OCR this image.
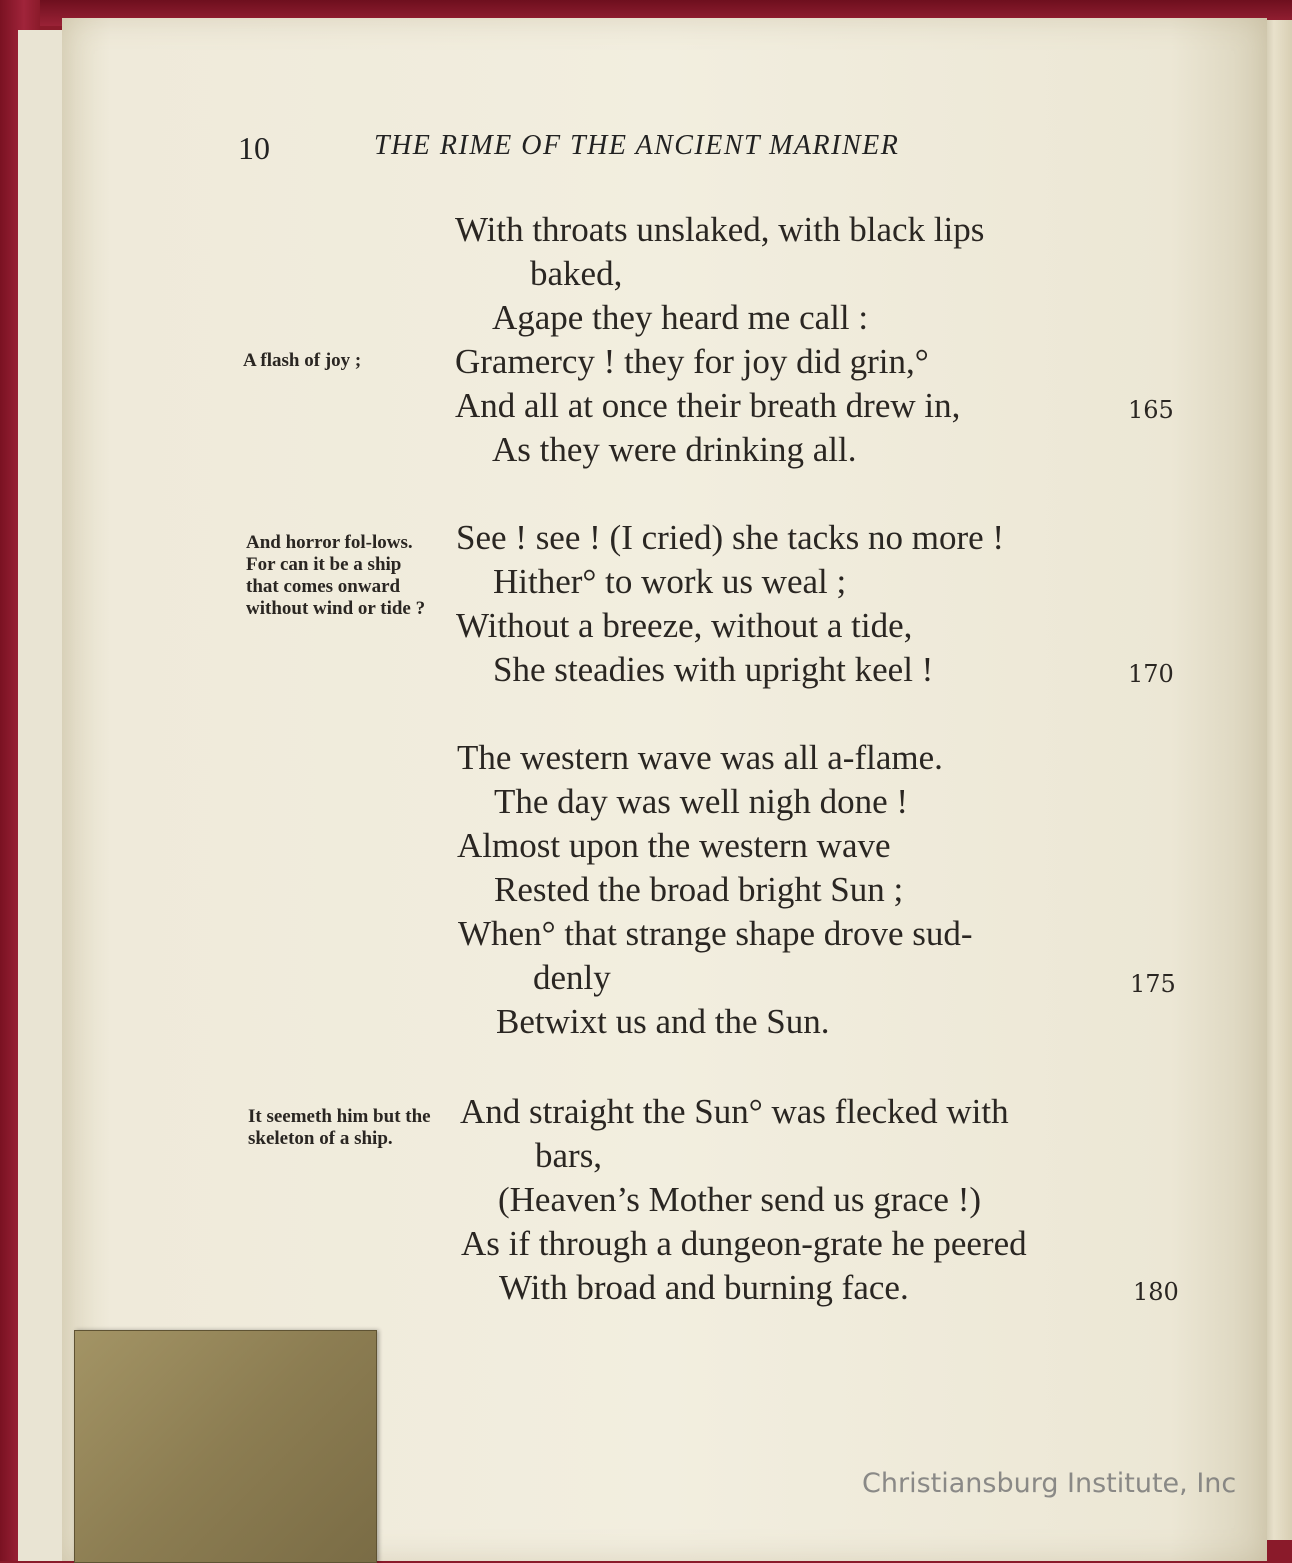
10	THE RIME OF THE ANCIENT MARINER
A flash of joy ;
With throats unslaked, with black lips
baked,
Agape they heard me call :
Gramercy ! they for joy did grin,°
And all at once their breath drew in,
As they were drinking all.
165
And horror fol-lows. For can it be a ship that comes onward without wind or tide ?
See ! see ! (I cried) she tacks no more !
Hither° to work us weal ;
Without a breeze, without a tide,
She steadies with upright keel !	170
The western wave was all a-flame.
The day was well nigh done !
Almost upon the western wave
Rested the broad bright Sun ;
When° that strange shape drove sud-
denly
Betwixt us and the Sun.
175
It seemeth him but the skeleton of a ship.
And straight the Sun° was flecked with
bars,
(Heaven’s Mother send us grace !)
As if through a dungeon-grate he peered
With broad and burning face.	180
Christiansburg Institute, Inc
